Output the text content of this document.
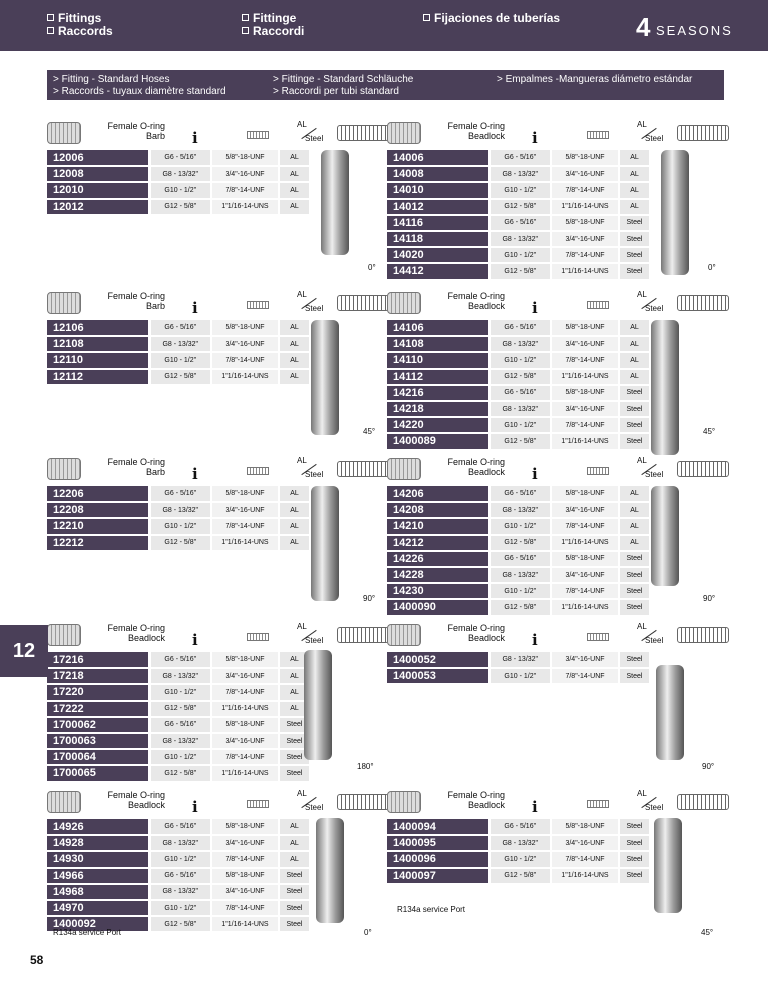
Fittings
Raccords
Fittinge
Raccordi
Fijaciones de tuberías	4 SEASONS
> Fitting - Standard Hoses
> Raccords - tuyaux diamètre standard
> Fittinge - Standard Schläuche
> Raccordi per tubi standard
> Empalmes -Mangueras diámetro estándar
Female O-ring
Barb i
AL
Steel
12006	G6 - 5/16"	5/8"-18-UNF	AL
12008	G8 - 13/32"	3/4"-16-UNF	AL
12010	G10 - 1/2"	7/8"-14-UNF	AL
12012	G12 - 5/8"	1"1/16-14-UNS	AL
0°
Female O-ring
Beadlock i
AL
Steel
14006	G6 - 5/16"	5/8"-18-UNF	AL
14008	G8 - 13/32"	3/4"-16-UNF	AL
14010	G10 - 1/2"	7/8"-14-UNF	AL
14012	G12 - 5/8"	1"1/16-14-UNS	AL
14116	G6 - 5/16"	5/8"-18-UNF	Steel
14118	G8 - 13/32"	3/4"-16-UNF	Steel
14020	G10 - 1/2"	7/8"-14-UNF	Steel
14412	G12 - 5/8"	1"1/16-14-UNS	Steel	0°
Female O-ring
Barb i
AL
Steel
12106	G6 - 5/16"	5/8"-18-UNF	AL
12108	G8 - 13/32"	3/4"-16-UNF	AL
12110	G10 - 1/2"	7/8"-14-UNF	AL
12112	G12 - 5/8"	1"1/16-14-UNS	AL
45°
Female O-ring
Beadlock i
AL
Steel
14106	G6 - 5/16"	5/8"-18-UNF	AL
14108	G8 - 13/32"	3/4"-16-UNF	AL
14110	G10 - 1/2"	7/8"-14-UNF	AL
14112	G12 - 5/8"	1"1/16-14-UNS	AL
14216	G6 - 5/16"	5/8"-18-UNF	Steel
14218	G8 - 13/32"	3/4"-16-UNF	Steel
14220	G10 - 1/2"	7/8"-14-UNF	Steel
1400089	G12 - 5/8"	1"1/16-14-UNS	Steel
45°
Female O-ring
Barb i
AL
Steel
12206	G6 - 5/16"	5/8"-18-UNF	AL
12208	G8 - 13/32"	3/4"-16-UNF	AL
12210	G10 - 1/2"	7/8"-14-UNF	AL
12212	G12 - 5/8"	1"1/16-14-UNS	AL
90°
Female O-ring
Beadlock i
AL
Steel
14206	G6 - 5/16"	5/8"-18-UNF	AL
14208	G8 - 13/32"	3/4"-16-UNF	AL
14210	G10 - 1/2"	7/8"-14-UNF	AL
14212	G12 - 5/8"	1"1/16-14-UNS	AL
14226	G6 - 5/16"	5/8"-18-UNF	Steel
14228	G8 - 13/32"	3/4"-16-UNF	Steel
14230	G10 - 1/2"	7/8"-14-UNF	Steel
1400090	G12 - 5/8"	1"1/16-14-UNS	Steel
90°
Female O-ring
Beadlock i
AL
Steel
17216	G6 - 5/16"	5/8"-18-UNF	AL
17218	G8 - 13/32"	3/4"-16-UNF	AL
17220	G10 - 1/2"	7/8"-14-UNF	AL
17222	G12 - 5/8"	1"1/16-14-UNS	AL
1700062	G6 - 5/16"	5/8"-18-UNF	Steel
1700063	G8 - 13/32"	3/4"-16-UNF	Steel
1700064	G10 - 1/2"	7/8"-14-UNF	Steel
1700065	G12 - 5/8"	1"1/16-14-UNS	Steel
180°
Female O-ring
Beadlock i
AL
Steel
1400052	G8 - 13/32"	3/4"-16-UNF	Steel
1400053	G10 - 1/2"	7/8"-14-UNF	Steel
90°
Female O-ring
Beadlock i
AL
Steel
14926	G6 - 5/16"	5/8"-18-UNF	AL
14928	G8 - 13/32"	3/4"-16-UNF	AL
14930	G10 - 1/2"	7/8"-14-UNF	AL
14966	G6 - 5/16"	5/8"-18-UNF	Steel
14968	G8 - 13/32"	3/4"-16-UNF	Steel
14970	G10 - 1/2"	7/8"-14-UNF	Steel
1400092	G12 - 5/8"	1"1/16-14-UNS	Steel
0°
R134a service Port
Female O-ring
Beadlock i
AL
Steel
1400094	G6 - 5/16"	5/8"-18-UNF	Steel
1400095	G8 - 13/32"	3/4"-16-UNF	Steel
1400096	G10 - 1/2"	7/8"-14-UNF	Steel
1400097	G12 - 5/8"	1"1/16-14-UNS	Steel
45°
R134a service Port
12
58
